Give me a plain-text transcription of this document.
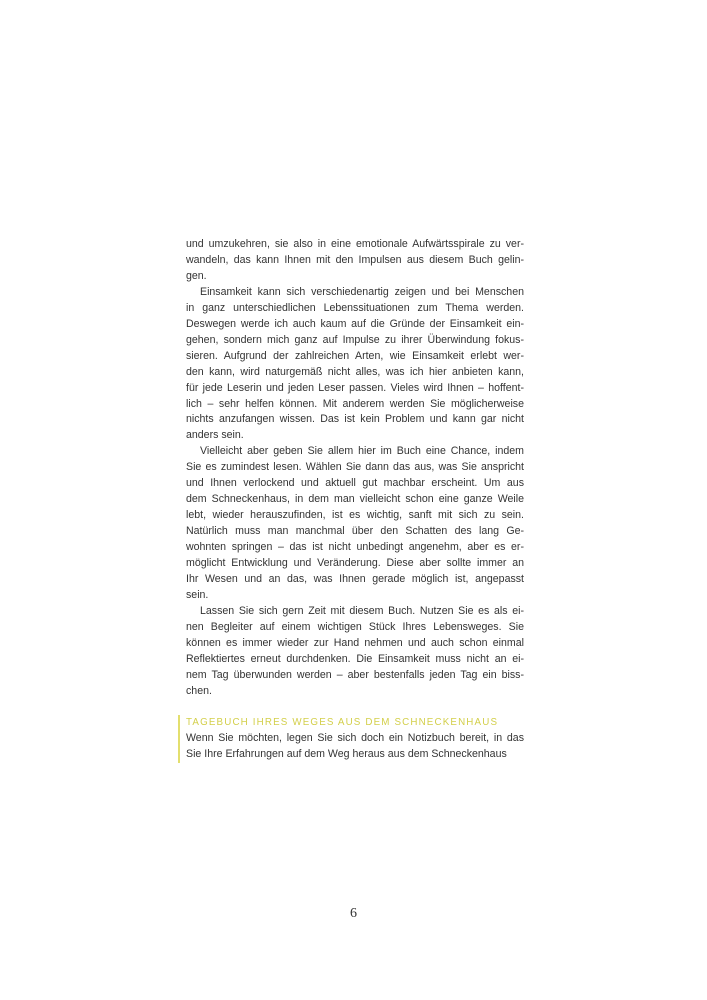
und umzukehren, sie also in eine emotionale Aufwärtsspirale zu ver-
wandeln, das kann Ihnen mit den Impulsen aus diesem Buch gelin-
gen.
Einsamkeit kann sich verschiedenartig zeigen und bei Menschen
in ganz unterschiedlichen Lebenssituationen zum Thema werden.
Deswegen werde ich auch kaum auf die Gründe der Einsamkeit ein-
gehen, sondern mich ganz auf Impulse zu ihrer Überwindung fokus-
sieren. Aufgrund der zahlreichen Arten, wie Einsamkeit erlebt wer-
den kann, wird naturgemäß nicht alles, was ich hier anbieten kann,
für jede Leserin und jeden Leser passen. Vieles wird Ihnen – hoffent-
lich – sehr helfen können. Mit anderem werden Sie möglicherweise
nichts anzufangen wissen. Das ist kein Problem und kann gar nicht
anders sein.
Vielleicht aber geben Sie allem hier im Buch eine Chance, indem
Sie es zumindest lesen. Wählen Sie dann das aus, was Sie anspricht
und Ihnen verlockend und aktuell gut machbar erscheint. Um aus
dem Schneckenhaus, in dem man vielleicht schon eine ganze Weile
lebt, wieder herauszufinden, ist es wichtig, sanft mit sich zu sein.
Natürlich muss man manchmal über den Schatten des lang Ge-
wohnten springen – das ist nicht unbedingt angenehm, aber es er-
möglicht Entwicklung und Veränderung. Diese aber sollte immer an
Ihr Wesen und an das, was Ihnen gerade möglich ist, angepasst
sein.
Lassen Sie sich gern Zeit mit diesem Buch. Nutzen Sie es als ei-
nen Begleiter auf einem wichtigen Stück Ihres Lebensweges. Sie
können es immer wieder zur Hand nehmen und auch schon einmal
Reflektiertes erneut durchdenken. Die Einsamkeit muss nicht an ei-
nem Tag überwunden werden – aber bestenfalls jeden Tag ein biss-
chen.
TAGEBUCH IHRES WEGES AUS DEM SCHNECKENHAUS
Wenn Sie möchten, legen Sie sich doch ein Notizbuch bereit, in das
Sie Ihre Erfahrungen auf dem Weg heraus aus dem Schneckenhaus
6
